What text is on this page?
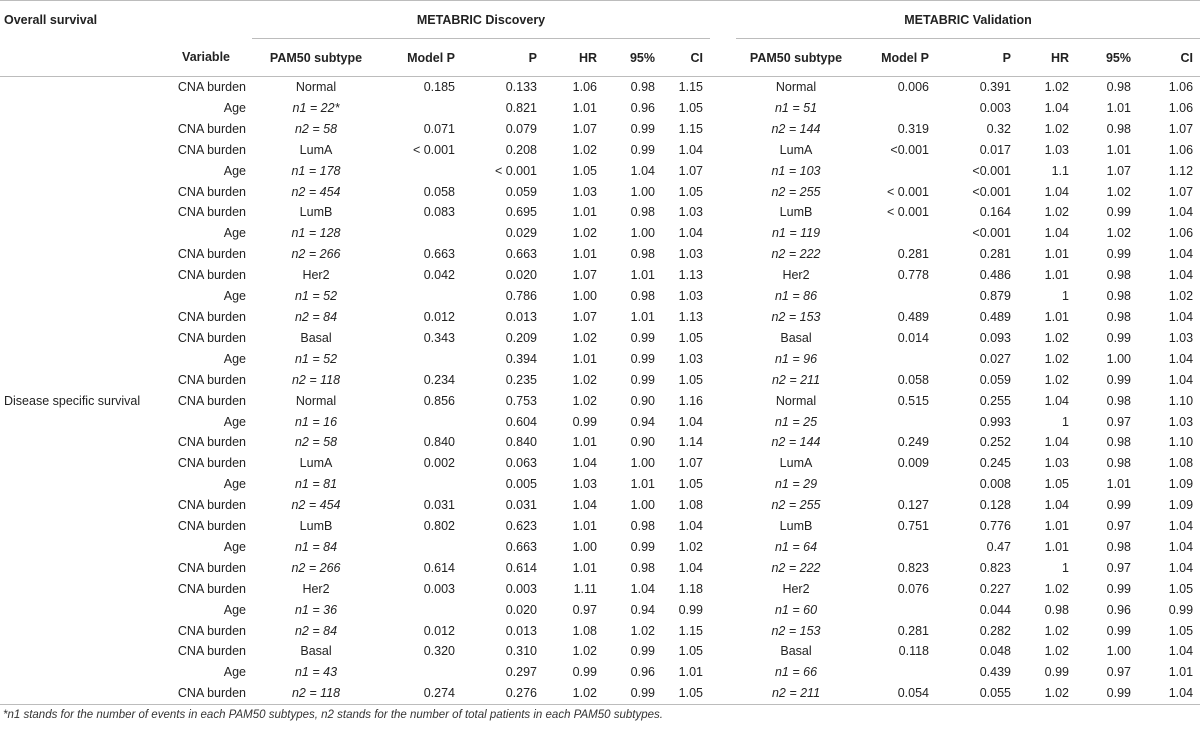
Overall survival		METABRIC Discovery							METABRIC Validation					
	Variable	PAM50 subtype	Model P	P	HR	95%	CI		PAM50 subtype	Model P	P	HR	95%	CI
	CNA burden	Normal	0.185	0.133	1.06	0.98	1.15		Normal	0.006	0.391	1.02	0.98	1.06
	Age	n1 = 22*		0.821	1.01	0.96	1.05		n1 = 51		0.003	1.04	1.01	1.06
	CNA burden	n2 = 58	0.071	0.079	1.07	0.99	1.15		n2 = 144	0.319	0.32	1.02	0.98	1.07
	CNA burden	LumA	< 0.001	0.208	1.02	0.99	1.04		LumA	<0.001	0.017	1.03	1.01	1.06
	Age	n1 = 178		< 0.001	1.05	1.04	1.07		n1 = 103		<0.001	1.1	1.07	1.12
	CNA burden	n2 = 454	0.058	0.059	1.03	1.00	1.05		n2 = 255	< 0.001	<0.001	1.04	1.02	1.07
	CNA burden	LumB	0.083	0.695	1.01	0.98	1.03		LumB	< 0.001	0.164	1.02	0.99	1.04
	Age	n1 = 128		0.029	1.02	1.00	1.04		n1 = 119		<0.001	1.04	1.02	1.06
	CNA burden	n2 = 266	0.663	0.663	1.01	0.98	1.03		n2 = 222	0.281	0.281	1.01	0.99	1.04
	CNA burden	Her2	0.042	0.020	1.07	1.01	1.13		Her2	0.778	0.486	1.01	0.98	1.04
	Age	n1 = 52		0.786	1.00	0.98	1.03		n1 = 86		0.879	1	0.98	1.02
	CNA burden	n2 = 84	0.012	0.013	1.07	1.01	1.13		n2 = 153	0.489	0.489	1.01	0.98	1.04
	CNA burden	Basal	0.343	0.209	1.02	0.99	1.05		Basal	0.014	0.093	1.02	0.99	1.03
	Age	n1 = 52		0.394	1.01	0.99	1.03		n1 = 96		0.027	1.02	1.00	1.04
	CNA burden	n2 = 118	0.234	0.235	1.02	0.99	1.05		n2 = 211	0.058	0.059	1.02	0.99	1.04
Disease specific survival	CNA burden	Normal	0.856	0.753	1.02	0.90	1.16		Normal	0.515	0.255	1.04	0.98	1.10
	Age	n1 = 16		0.604	0.99	0.94	1.04		n1 = 25		0.993	1	0.97	1.03
	CNA burden	n2 = 58	0.840	0.840	1.01	0.90	1.14		n2 = 144	0.249	0.252	1.04	0.98	1.10
	CNA burden	LumA	0.002	0.063	1.04	1.00	1.07		LumA	0.009	0.245	1.03	0.98	1.08
	Age	n1 = 81		0.005	1.03	1.01	1.05		n1 = 29		0.008	1.05	1.01	1.09
	CNA burden	n2 = 454	0.031	0.031	1.04	1.00	1.08		n2 = 255	0.127	0.128	1.04	0.99	1.09
	CNA burden	LumB	0.802	0.623	1.01	0.98	1.04		LumB	0.751	0.776	1.01	0.97	1.04
	Age	n1 = 84		0.663	1.00	0.99	1.02		n1 = 64		0.47	1.01	0.98	1.04
	CNA burden	n2 = 266	0.614	0.614	1.01	0.98	1.04		n2 = 222	0.823	0.823	1	0.97	1.04
	CNA burden	Her2	0.003	0.003	1.11	1.04	1.18		Her2	0.076	0.227	1.02	0.99	1.05
	Age	n1 = 36		0.020	0.97	0.94	0.99		n1 = 60		0.044	0.98	0.96	0.99
	CNA burden	n2 = 84	0.012	0.013	1.08	1.02	1.15		n2 = 153	0.281	0.282	1.02	0.99	1.05
	CNA burden	Basal	0.320	0.310	1.02	0.99	1.05		Basal	0.118	0.048	1.02	1.00	1.04
	Age	n1 = 43		0.297	0.99	0.96	1.01		n1 = 66		0.439	0.99	0.97	1.01
	CNA burden	n2 = 118	0.274	0.276	1.02	0.99	1.05		n2 = 211	0.054	0.055	1.02	0.99	1.04
*n1 stands for the number of events in each PAM50 subtypes, n2 stands for the number of total patients in each PAM50 subtypes.
